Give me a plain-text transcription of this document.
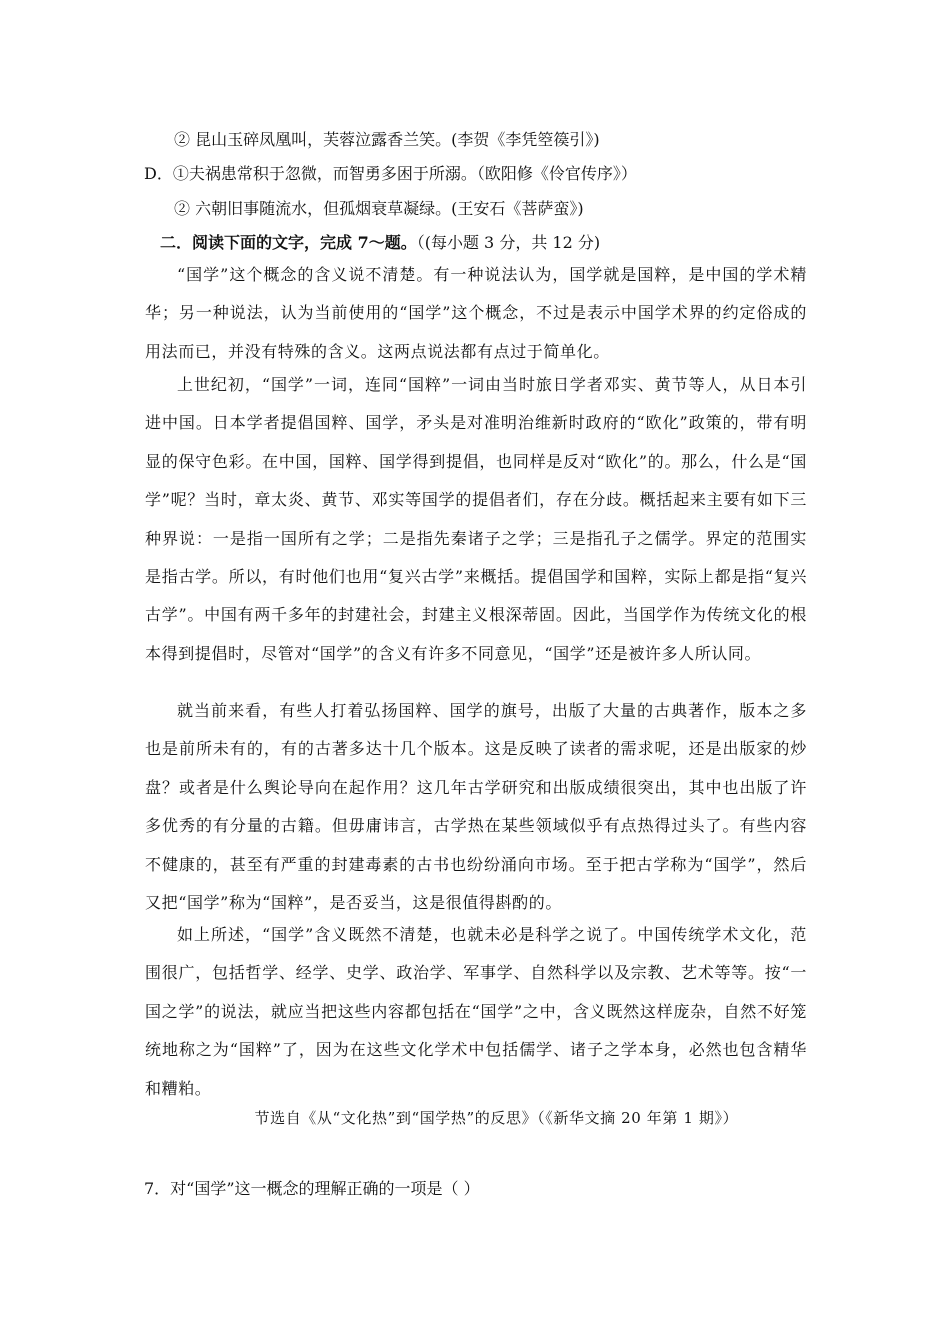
② 昆山玉碎凤凰叫，芙蓉泣露香兰笑。(李贺《李凭箜篌引》)
D．①夫祸患常积于忽微，而智勇多困于所溺。（欧阳修《伶官传序》）
② 六朝旧事随流水，但孤烟衰草凝绿。(王安石《菩萨蛮》)
二．阅读下面的文字，完成 7～题。（(每小题 3 分，共 12 分)
“国学”这个概念的含义说不清楚。有一种说法认为，国学就是国粹，是中国的学术精华；另一种说法，认为当前使用的“国学”这个概念，不过是表示中国学术界的约定俗成的用法而已，并没有特殊的含义。这两点说法都有点过于简单化。
上世纪初，“国学”一词，连同“国粹”一词由当时旅日学者邓实、黄节等人，从日本引进中国。日本学者提倡国粹、国学，矛头是对准明治维新时政府的“欧化”政策的，带有明显的保守色彩。在中国，国粹、国学得到提倡，也同样是反对“欧化”的。那么，什么是“国学”呢？当时，章太炎、黄节、邓实等国学的提倡者们，存在分歧。概括起来主要有如下三种界说：一是指一国所有之学；二是指先秦诸子之学；三是指孔子之儒学。界定的范围实是指古学。所以，有时他们也用“复兴古学”来概括。提倡国学和国粹，实际上都是指“复兴古学”。中国有两千多年的封建社会，封建主义根深蒂固。因此，当国学作为传统文化的根本得到提倡时，尽管对“国学”的含义有许多不同意见，“国学”还是被许多人所认同。
就当前来看，有些人打着弘扬国粹、国学的旗号，出版了大量的古典著作，版本之多也是前所未有的，有的古著多达十几个版本。这是反映了读者的需求呢，还是出版家的炒盘？或者是什么舆论导向在起作用？这几年古学研究和出版成绩很突出，其中也出版了许多优秀的有分量的古籍。但毋庸讳言，古学热在某些领域似乎有点热得过头了。有些内容不健康的，甚至有严重的封建毒素的古书也纷纷涌向市场。至于把古学称为“国学”，然后又把“国学”称为“国粹”，是否妥当，这是很值得斟酌的。
如上所述，“国学”含义既然不清楚，也就未必是科学之说了。中国传统学术文化，范围很广，包括哲学、经学、史学、政治学、军事学、自然科学以及宗教、艺术等等。按“一国之学”的说法，就应当把这些内容都包括在“国学”之中，含义既然这样庞杂，自然不好笼统地称之为“国粹”了，因为在这些文化学术中包括儒学、诸子之学本身，必然也包含精华和糟粕。
节选自《从“文化热”到“国学热”的反思》（《新华文摘 20 年第 1 期》）
7．对“国学”这一概念的理解正确的一项是（ ）
